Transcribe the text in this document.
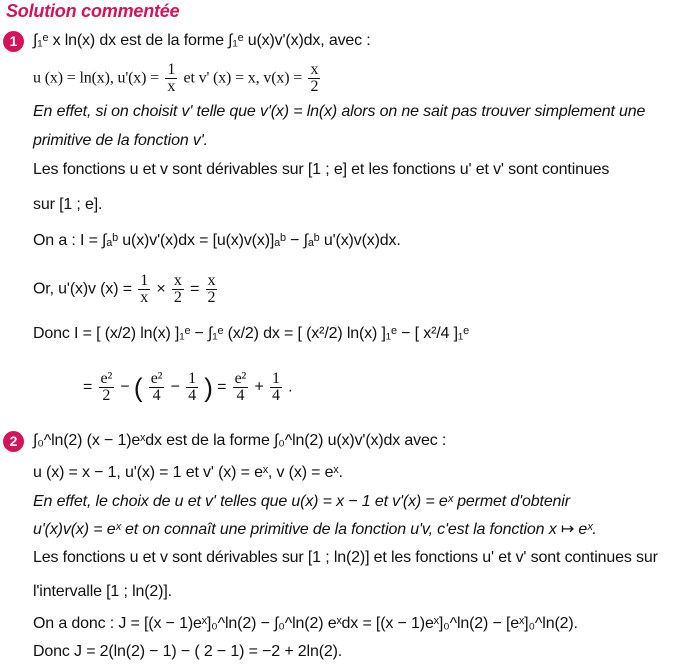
Solution commentée
1 ∫₁ᵉ x ln(x) dx est de la forme ∫₁ᵉ u(x)v'(x)dx, avec :
u (x) = ln(x), $u'(x) = \frac{1}{x}$ et v' (x) = x, $v(x) = \frac{x}{2}$
En effet, si on choisit v' telle que v'(x) = ln(x) alors on ne sait pas trouver simplement une
primitive de la fonction v'.
Les fonctions u et v sont dérivables sur [1 ; e] et les fonctions u' et v' sont continues
sur [1 ; e].
On a : I = ∫ₐᵇ u(x)v'(x)dx = [u(x)v(x)]ₐᵇ − ∫ₐᵇ u'(x)v(x)dx.
Or, u'(x)v $(x) = \frac{1}{x} \times \frac{x}{2} = \frac{x}{2}$
Donc I = [ (x/2) ln(x) ]₁ᵉ − ∫₁ᵉ (x/2) dx = [ (x²/2) ln(x) ]₁ᵉ − [ x²/4 ]₁ᵉ
= $\frac{\text{e²}}{2}$ − ( $\frac{\text{e²}}{4} - \frac{1}{4}$ ) = $\frac{\text{e²}}{4} + \frac{1}{4}$ .
2 ∫₀^ln(2) (x − 1)eˣdx est de la forme ∫₀^ln(2) u(x)v'(x)dx avec :
u (x) = x − 1, u'(x) = 1 et v' (x) = eˣ, v (x) = eˣ.
En effet, le choix de u et v' telles que u(x) = x − 1 et v'(x) = eˣ permet d'obtenir
u'(x)v(x) = eˣ et on connaît une primitive de la fonction u'v, c'est la fonction x ↦ eˣ.
Les fonctions u et v sont dérivables sur [1 ; ln(2)] et les fonctions u' et v' sont continues sur
l'intervalle [1 ; ln(2)].
On a donc : J = [(x − 1)eˣ]₀^ln(2) − ∫₀^ln(2) eˣdx = [(x − 1)eˣ]₀^ln(2) − [eˣ]₀^ln(2).
Donc J = 2(ln(2) − 1) − ( 2 − 1) = −2 + 2ln(2).
